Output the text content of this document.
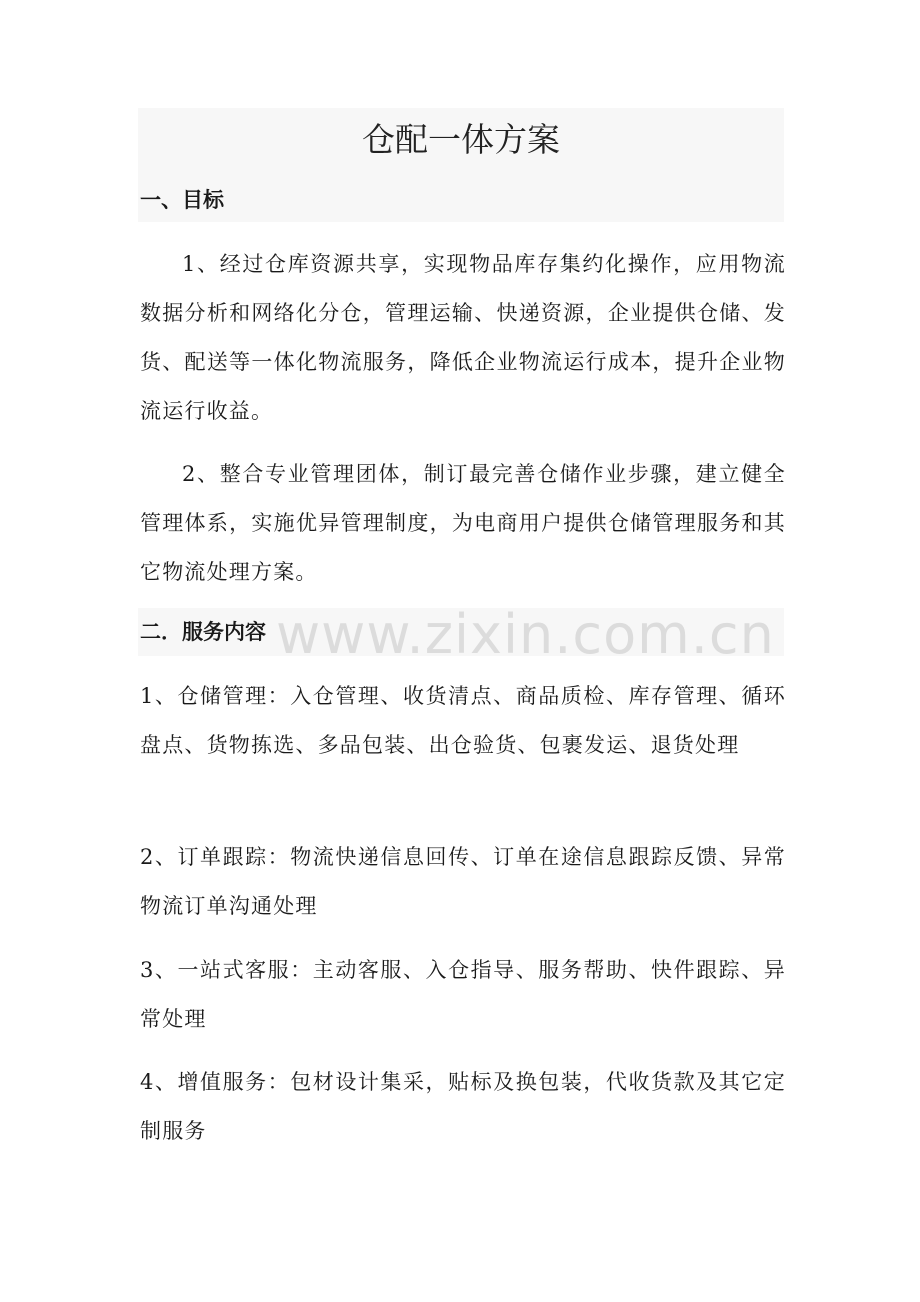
仓配一体方案
一、目标
1、经过仓库资源共享，实现物品库存集约化操作，应用物流数据分析和网络化分仓，管理运输、快递资源，企业提供仓储、发货、配送等一体化物流服务，降低企业物流运行成本，提升企业物流运行收益。
2、整合专业管理团体，制订最完善仓储作业步骤，建立健全管理体系，实施优异管理制度，为电商用户提供仓储管理服务和其它物流处理方案。
www.zixin.com.cn
二．服务内容
1、仓储管理：入仓管理、收货清点、商品质检、库存管理、循环盘点、货物拣选、多品包装、出仓验货、包裹发运、退货处理
2、订单跟踪：物流快递信息回传、订单在途信息跟踪反馈、异常物流订单沟通处理
3、一站式客服：主动客服、入仓指导、服务帮助、快件跟踪、异常处理
4、增值服务：包材设计集采，贴标及换包装，代收货款及其它定制服务
